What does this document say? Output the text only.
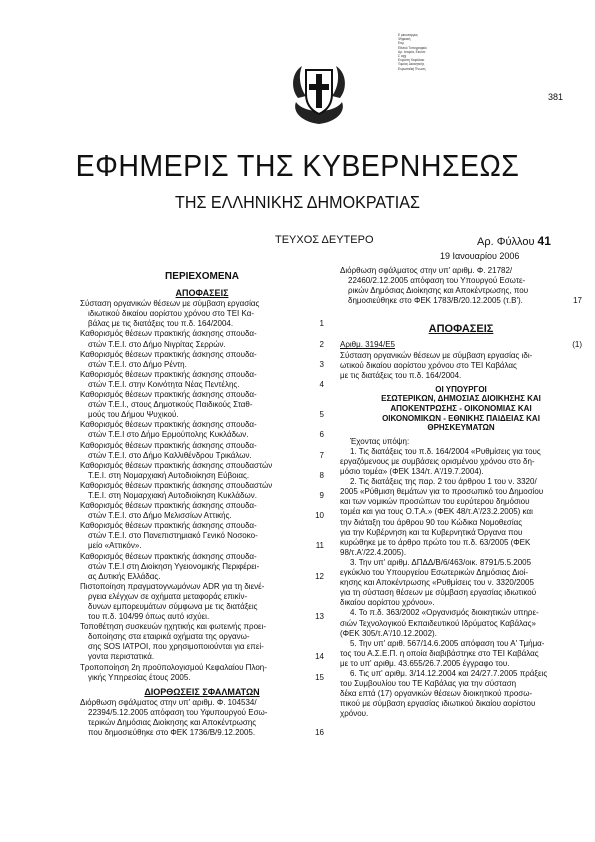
Ε ρικονιαρμος
Ψηφιακή
Ετιμ
Εθνικό Τυπογραφείο
Αρ. Ιστορία, Εικόνα
Σ αρχ
Ευρώπη Κεφάλαιο
Τομέας Διοικητικής
Ευρωπαϊκή Ένωση
381
ΕΦΗΜΕΡΙΣ ΤΗΣ ΚΥΒΕΡΝΗΣΕΩΣ
ΤΗΣ ΕΛΛΗΝΙΚΗΣ ΔΗΜΟΚΡΑΤΙΑΣ
ΤΕΥΧΟΣ ΔΕΥΤΕΡΟ	Αρ. Φύλλου 41
19 Ιανουαρίου 2006
ΠΕΡΙΕΧΟΜΕΝΑ
ΑΠΟΦΑΣΕΙΣ
Σύσταση οργανικών θέσεων με σύμβαση εργασίας
ιδιωτικού δικαίου αορίστου χρόνου στο ΤΕΙ Κα-
βάλας με τις διατάξεις του π.δ. 164/2004.	1
Καθορισμός θέσεων πρακτικής άσκησης σπουδα-
στών Τ.Ε.Ι. στο Δήμο Νιγρίτας Σερρών.	2
Καθορισμός θέσεων πρακτικής άσκησης σπουδα-
στών Τ.Ε.Ι. στο Δήμο Ρέντη.	3
Καθορισμός θέσεων πρακτικής άσκησης σπουδα-
στών Τ.Ε.Ι. στην Κοινότητα Νέας Πεντέλης.	4
Καθορισμός θέσεων πρακτικής άσκησης σπουδα-
στών Τ.Ε.Ι., στους Δημοτικούς Παιδικούς Σταθ-
μούς του Δήμου Ψυχικού.	5
Καθορισμός θέσεων πρακτικής άσκησης σπουδα-
στών Τ.Ε.Ι στο Δήμο Ερμούπολης Κυκλάδων.	6
Καθορισμός θέσεων πρακτικής άσκησης σπουδα-
στών Τ.Ε.Ι. στο Δήμο Καλλιθένδρου Τρικάλων.	7
Καθορισμός θέσεων πρακτικής άσκησης σπουδαστών
Τ.Ε.Ι. στη Νομαρχιακή Αυτοδιοίκηση Εύβοιας.	8
Καθορισμός θέσεων πρακτικής άσκησης σπουδαστών
Τ.Ε.Ι. στη Νομαρχιακή Αυτοδιοίκηση Κυκλάδων.	9
Καθορισμός θέσεων πρακτικής άσκησης σπουδα-
στών Τ.Ε.Ι. στο Δήμο Μελισσίων Αττικής.	10
Καθορισμός θέσεων πρακτικής άσκησης σπουδα-
στών Τ.Ε.Ι. στο Πανεπιστημιακό Γενικό Νοσοκο-
μείο «Αττικόν».	11
Καθορισμός θέσεων πρακτικής άσκησης σπουδα-
στών Τ.Ε.Ι στη Διοίκηση Υγειονομικής Περιφέρει-
ας Δυτικής Ελλάδας.	12
Πιστοποίηση πραγματογνωμόνων ADR για τη διενέ-
ργεια ελέγχων σε οχήματα μεταφοράς επικίν-
δυνων εμπορευμάτων σύμφωνα με τις διατάξεις
του π.δ. 104/99 όπως αυτό ισχύει.	13
Τοποθέτηση συσκευών ηχητικής και φωτεινής προει-
δοποίησης στα εταιρικά οχήματα της οργανω-
σης SOS ΙΑΤΡΟΙ, που χρησιμοποιούνται για επεί-
γοντα περιστατικά.	14
Τροποποίηση 2η προϋπολογισμού Κεφαλαίου Πλοη-
γικής Υπηρεσίας έτους 2005.	15
ΔΙΟΡΘΩΣΕΙΣ ΣΦΑΛΜΑΤΩΝ
Διόρθωση σφάλματος στην υπ' αριθμ. Φ. 104534/
22394/5.12.2005 απόφαση του Υφυπουργού Εσω-
τερικών Δημόσιας Διοίκησης και Αποκέντρωσης
που δημοσιεύθηκε στο ΦΕΚ 1736/Β/9.12.2005.	16
Διόρθωση σφάλματος στην υπ' αριθμ. Φ. 21782/
22460/2.12.2005 απόφαση του Υπουργού Εσωτε-
ρικών Δημόσιας Διοίκησης και Αποκέντρωσης, που
δημοσιεύθηκε στο ΦΕΚ 1783/Β/20.12.2005 (τ.Β').	17
ΑΠΟΦΑΣΕΙΣ
Αριθμ. 3194/Ε5	(1)
Σύσταση οργανικών θέσεων με σύμβαση εργασίας ιδι-
ωτικού δικαίου αορίστου χρόνου στο ΤΕΙ Καβάλας
με τις διατάξεις του π.δ. 164/2004.
ΟΙ ΥΠΟΥΡΓΟΙ
ΕΣΩΤΕΡΙΚΩΝ, ΔΗΜΟΣΙΑΣ ΔΙΟΙΚΗΣΗΣ ΚΑΙ
ΑΠΟΚΕΝΤΡΩΣΗΣ - ΟΙΚΟΝΟΜΙΑΣ ΚΑΙ
ΟΙΚΟΝΟΜΙΚΩΝ - ΕΘΝΙΚΗΣ ΠΑΙΔΕΙΑΣ ΚΑΙ
ΘΡΗΣΚΕΥΜΑΤΩΝ
Έχοντας υπόψη:
1. Τις διατάξεις του π.δ. 164/2004 «Ρυθμίσεις για τους
εργαζόμενους με συμβάσεις ορισμένου χρόνου στο δη-
μόσιο τομέα» (ΦΕΚ 134/τ. Α'/19.7.2004).
2. Τις διατάξεις της παρ. 2 του άρθρου 1 του ν. 3320/
2005 «Ρύθμιση θεμάτων για το προσωπικό του Δημοσίου
και των νομικών προσώπων του ευρύτερου δημόσιου
τομέα και για τους Ο.Τ.Α.» (ΦΕΚ 48/τ.Α'/23.2.2005) και
την διάταξη του άρθρου 90 του Κώδικα Νομοθεσίας
για την Κυβέρνηση και τα Κυβερνητικά Όργανα που
κυρώθηκε με το άρθρο πρώτο του π.δ. 63/2005 (ΦΕΚ
98/τ.Α'/22.4.2005).
3. Την υπ' αριθμ. ΔΠΔΔ/Β/6/463/οικ. 8791/5.5.2005
εγκύκλιο του Υπουργείου Εσωτερικών Δημόσιας Διοί-
κησης και Αποκέντρωσης «Ρυθμίσεις του ν. 3320/2005
για τη σύσταση θέσεων με σύμβαση εργασίας ιδιωτικού
δικαίου αορίστου χρόνου».
4. Το π.δ. 363/2002 «Οργανισμός διοικητικών υπηρε-
σιών Τεχνολογικού Εκπαιδευτικού Ιδρύματος Καβάλας»
(ΦΕΚ 305/τ.Α'/10.12.2002).
5. Την υπ' αριθ. 567/14.6.2005 απόφαση του Α' Τμήμα-
τος του Α.Σ.Ε.Π. η οποία διαβιβάστηκε στο ΤΕΙ Καβάλας
με το υπ' αριθμ. 43.655/26.7.2005 έγγραφο του.
6. Τις υπ' αριθμ. 3/14.12.2004 και 24/27.7.2005 πράξεις
του Συμβουλίου του ΤΕ Καβάλας για την σύσταση
δέκα επτά (17) οργανικών θέσεων διοικητικού προσω-
πικού με σύμβαση εργασίας ιδιωτικού δικαίου αορίστου
χρόνου.
